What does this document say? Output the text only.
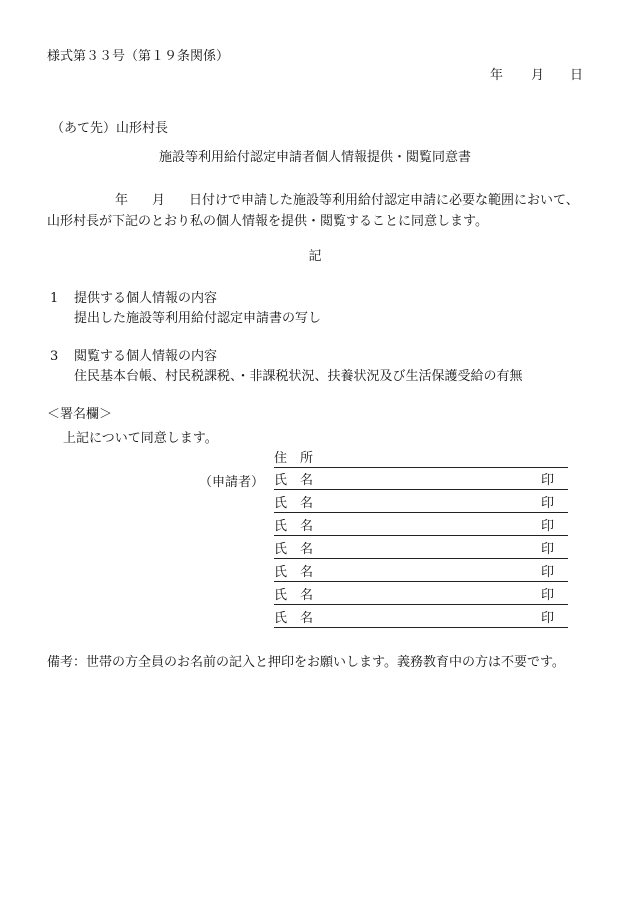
様式第３３号（第１９条関係）
年 月 日
（あて先）山形村長
施設等利用給付認定申請者個人情報提供・閲覧同意書
年 月 日付けで申請した施設等利用給付認定申請に必要な範囲において、
山形村長が下記のとおり私の個人情報を提供・閲覧することに同意します。
記
1 提供する個人情報の内容
提出した施設等利用給付認定申請書の写し
3 閲覧する個人情報の内容
住民基本台帳、村民税課税、・非課税状況、扶養状況及び生活保護受給の有無
＜署名欄＞
上記について同意します。
（申請者）
住 所
氏 名	印
氏 名	印
氏 名	印
氏 名	印
氏 名	印
氏 名	印
氏 名	印
備考：世帯の方全員のお名前の記入と押印をお願いします。義務教育中の方は不要です。
